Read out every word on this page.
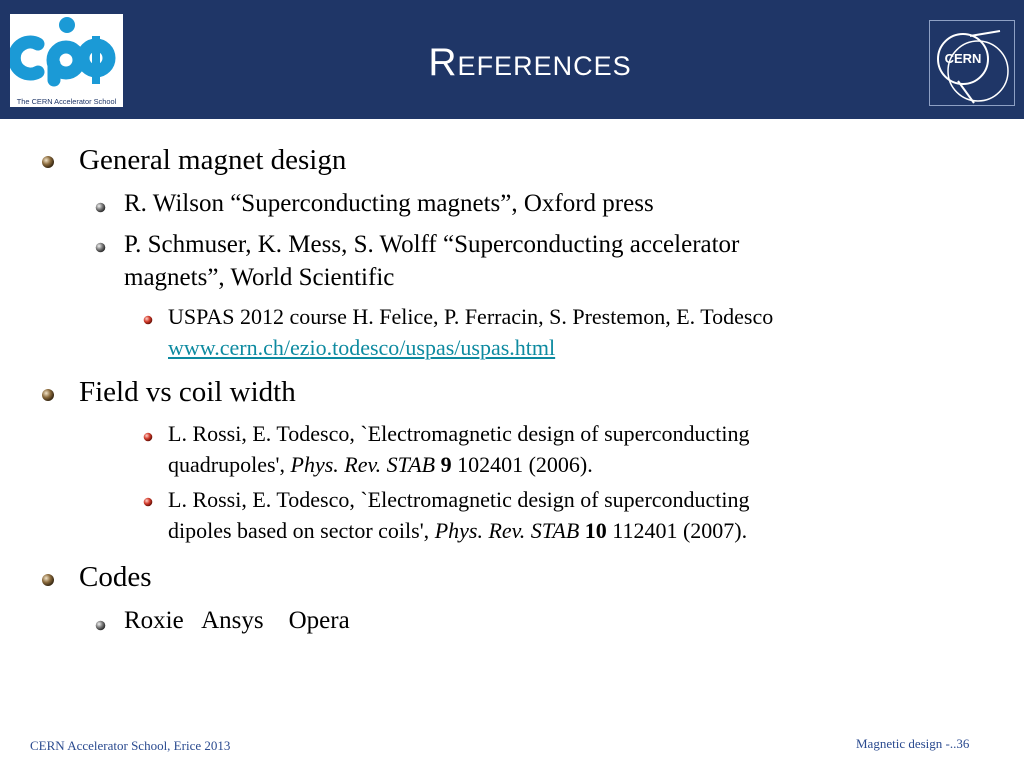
The CERN Accelerator School
References	CERN
General magnet design
R. Wilson “Superconducting magnets”, Oxford press
P. Schmuser, K. Mess, S. Wolff “Superconducting accelerator
magnets”, World Scientific
USPAS 2012 course H. Felice, P. Ferracin, S. Prestemon, E. Todesco
www.cern.ch/ezio.todesco/uspas/uspas.html
Field vs coil width
L. Rossi, E. Todesco, `Electromagnetic design of superconducting
quadrupoles', Phys. Rev. STAB 9 102401 (2006).
L. Rossi, E. Todesco, `Electromagnetic design of superconducting
dipoles based on sector coils', Phys. Rev. STAB 10 112401 (2007).
Codes
Roxie   Ansys    Opera
CERN Accelerator School, Erice 2013	Magnetic design -..36
